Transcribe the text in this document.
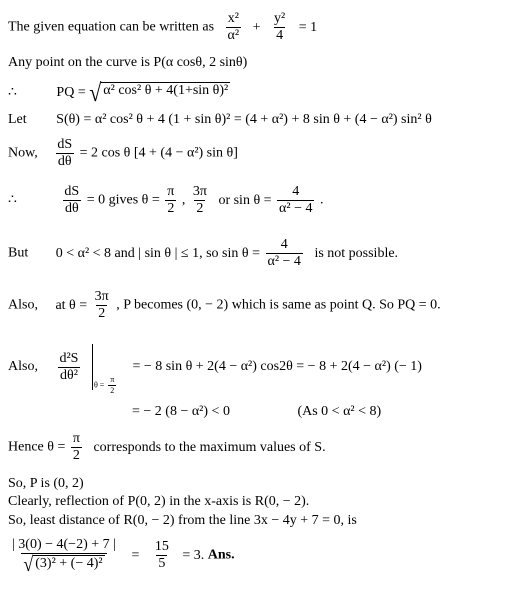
The given equation can be written as $\frac{\text{x²}}{\text{α²}} + \frac{\text{y²}}{4} = 1$
Any point on the curve is P(α cosθ, 2 sinθ)
∴	PQ = √ α² cos² θ + 4(1+sin θ)²
Let S(θ) = α² cos² θ + 4 (1 + sin θ)² = (4 + α²) + 8 sin θ + (4 − α²) sin² θ
Now, $\frac{dS}{d\theta} = 2$ cos θ [4 + (4 − α²) sin θ]
∴	$\frac{dS}{d\theta} = 0$ gives $\theta = \frac{\pi}{2}$ , $\frac{3\pi}{2}$ or $\sin \theta = \frac{4}{\text{α² − 4}}$ .
But 0 < α² < 8 and | sin θ | ≤ 1, so $\sin \theta = \frac{4}{\text{α² − 4}}$ is not possible.
Also, at $\theta = \frac{3\pi}{2}$ , P becomes (0, − 2) which is same as point Q. So PQ = 0.
Also, $\frac{\text{d²S}}{\text{dθ²}}$

$\theta = \frac{\pi}{2}$
= − 8 sin θ + 2(4 − α²) cos2θ = − 8 + 2(4 − α²) (− 1)
= − 2 (8 − α²) < 0	(As 0 < α² < 8)
Hence $\theta = \frac{\pi}{2}$ corresponds to the maximum values of S.
So, P is (0, 2)
Clearly, reflection of P(0, 2) in the x-axis is R(0, − 2).
So, least distance of R(0, − 2) from the line 3x − 4y + 7 = 0, is
$\frac{| 3(0) - 4(-2) + 7 |}{\text{√ (3)² + (− 4)²}} = \frac{15}{5} = 3$. Ans.
